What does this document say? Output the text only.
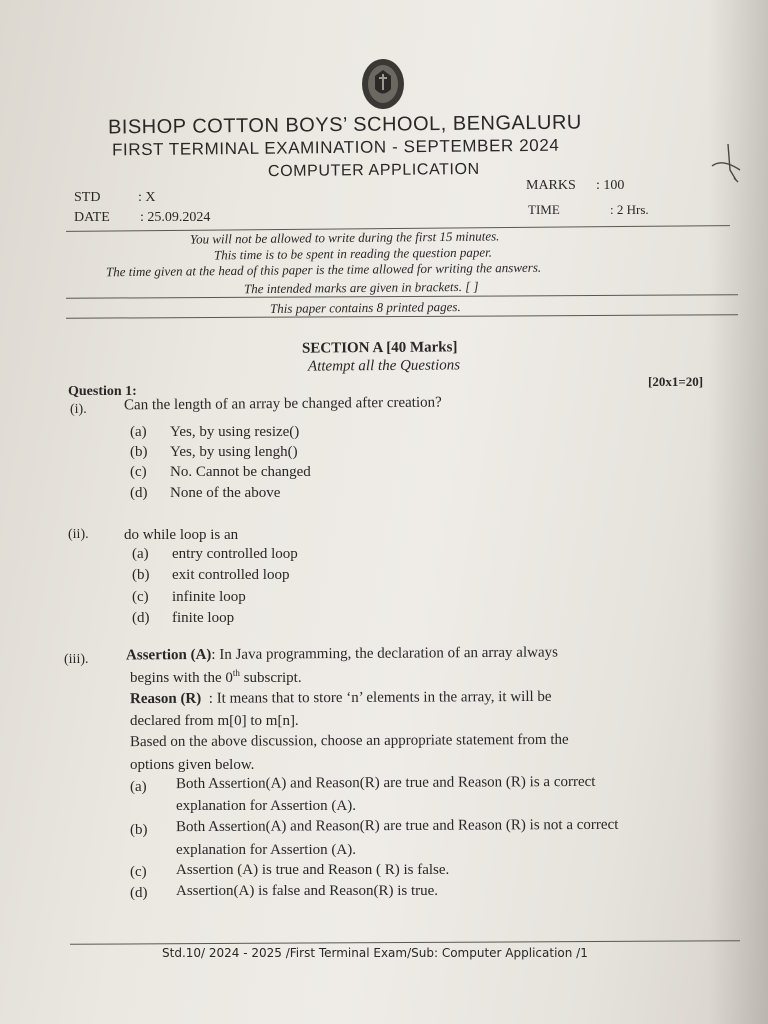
BISHOP COTTON BOYS’ SCHOOL, BENGALURU
FIRST TERMINAL EXAMINATION - SEPTEMBER 2024
COMPUTER APPLICATION
STD	: X
DATE : 25.09.2024
MARKS : 100
TIME	: 2 Hrs.
You will not be allowed to write during the first 15 minutes.
This time is to be spent in reading the question paper.
The time given at the head of this paper is the time allowed for writing the answers.
The intended marks are given in brackets. [ ]
This paper contains 8 printed pages.
SECTION A [40 Marks]
Attempt all the Questions
Question 1:
[20x1=20]
(i). Can the length of an array be changed after creation?
(a) Yes, by using resize()
(b) Yes, by using lengh()
(c) No. Cannot be changed
(d) None of the above
(ii). do while loop is an
(a) entry controlled loop
(b) exit controlled loop
(c) infinite loop
(d) finite loop
(iii). Assertion (A): In Java programming, the declaration of an array always
begins with the 0th subscript.
Reason (R) : It means that to store ‘n’ elements in the array, it will be
declared from m[0] to m[n].
Based on the above discussion, choose an appropriate statement from the
options given below.
(a) Both Assertion(A) and Reason(R) are true and Reason (R) is a correct
explanation for Assertion (A).
(b) Both Assertion(A) and Reason(R) are true and Reason (R) is not a correct
explanation for Assertion (A).
(c) Assertion (A) is true and Reason ( R) is false.
(d) Assertion(A) is false and Reason(R) is true.
Std.10/ 2024 - 2025 /First Terminal Exam/Sub: Computer Application /1
